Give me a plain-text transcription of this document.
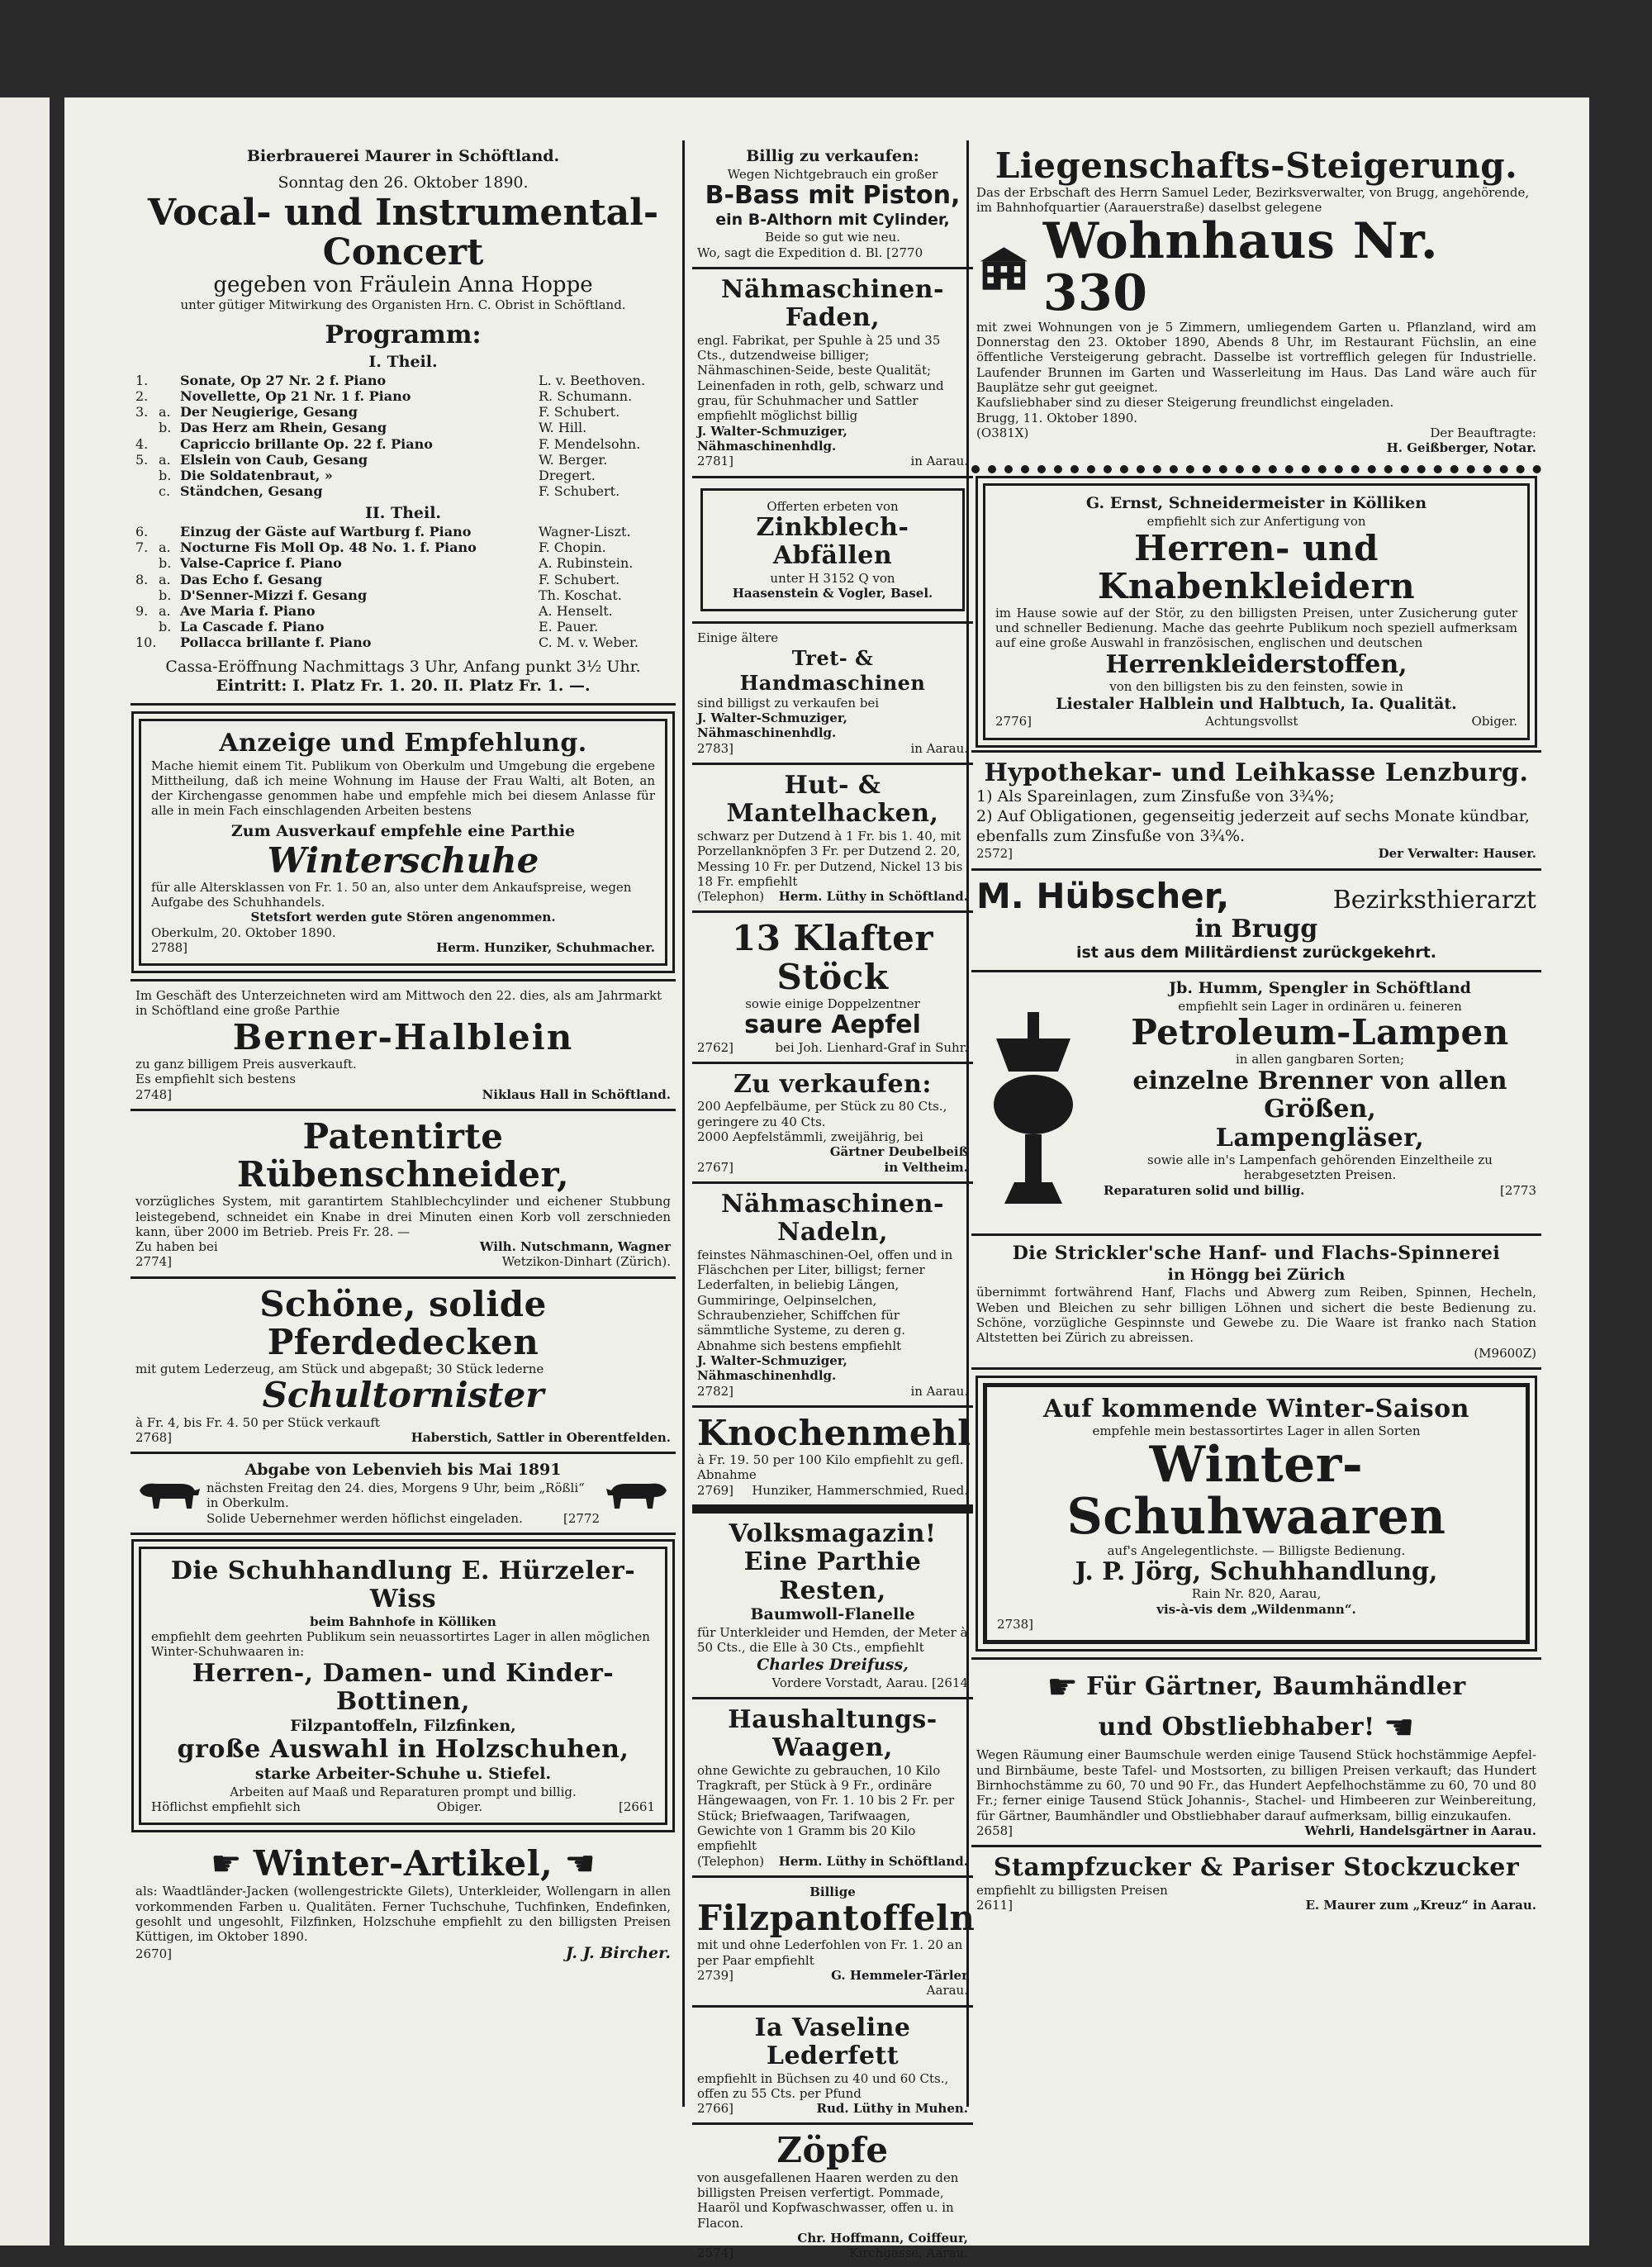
Bierbrauerei Maurer in Schöftland.
Sonntag den 26. Oktober 1890.
Vocal- und Instrumental-Concert
gegeben von Fräulein Anna Hoppe
unter gütiger Mitwirkung des Organisten Hrn. C. Obrist in Schöftland.
Programm:
I. Theil.
1.	Sonate, Op 27 Nr. 2 f. Piano	L. v. Beethoven.
2.	Novellette, Op 21 Nr. 1 f. Piano	R. Schumann.
3. a. Der Neugierige, Gesang	F. Schubert.
b. Das Herz am Rhein, Gesang	W. Hill.
4.	Capriccio brillante Op. 22 f. Piano	F. Mendelsohn.
5. a. Elslein von Caub, Gesang	W. Berger.
b. Die Soldatenbraut, »	Dregert.
c. Ständchen, Gesang	F. Schubert.
II. Theil.
6.	Einzug der Gäste auf Wartburg f. Piano	Wagner-Liszt.
7. a. Nocturne Fis Moll Op. 48 No. 1. f. Piano	F. Chopin.
b. Valse-Caprice f. Piano	A. Rubinstein.
8. a. Das Echo f. Gesang	F. Schubert.
b. D'Senner-Mizzi f. Gesang	Th. Koschat.
9. a. Ave Maria f. Piano	A. Henselt.
b. La Cascade f. Piano	E. Pauer.
10. Pollacca brillante f. Piano	C. M. v. Weber.
Cassa-Eröffnung Nachmittags 3 Uhr, Anfang punkt 3½ Uhr.
Eintritt: I. Platz Fr. 1. 20. II. Platz Fr. 1. —.
Anzeige und Empfehlung.
Mache hiemit einem Tit. Publikum von Oberkulm und Umgebung die ergebene Mittheilung, daß ich meine Wohnung im Hause der Frau Walti, alt Boten, an der Kirchengasse genommen habe und empfehle mich bei diesem Anlasse für alle in mein Fach einschlagenden Arbeiten bestens
Zum Ausverkauf empfehle eine Parthie
Winterschuhe
für alle Altersklassen von Fr. 1. 50 an, also unter dem Ankaufspreise, wegen Aufgabe des Schuhhandels.
Stetsfort werden gute Stören angenommen.
Oberkulm, 20. Oktober 1890.
2788]	Herm. Hunziker, Schuhmacher.
Im Geschäft des Unterzeichneten wird am Mittwoch den 22. dies, als am Jahrmarkt in Schöftland eine große Parthie
Berner-Halblein
zu ganz billigem Preis ausverkauft.
Es empfiehlt sich bestens
2748]	Niklaus Hall in Schöftland.
Patentirte Rübenschneider,
vorzügliches System, mit garantirtem Stahlblechcylinder und eichener Stubbung leistegebend, schneidet ein Knabe in drei Minuten einen Korb voll zerschnieden kann, über 2000 im Betrieb. Preis Fr. 28. —
Zu haben bei	Wilh. Nutschmann, Wagner
2774]	Wetzikon-Dinhart (Zürich).
Schöne, solide Pferdedecken
mit gutem Lederzeug, am Stück und abgepaßt; 30 Stück lederne
Schultornister
à Fr. 4, bis Fr. 4. 50 per Stück verkauft
2768]	Haberstich, Sattler in Oberentfelden.
Abgabe von Lebenvieh bis Mai 1891
nächsten Freitag den 24. dies, Morgens 9 Uhr, beim „Rößli“ in Oberkulm.
Solide Uebernehmer werden höflichst eingeladen.	[2772
Die Schuhhandlung E. Hürzeler-Wiss
beim Bahnhofe in Kölliken
empfiehlt dem geehrten Publikum sein neuassortirtes Lager in allen möglichen Winter-Schuhwaaren in:
Herren-, Damen- und Kinder-Bottinen,
Filzpantoffeln, Filzfinken,
große Auswahl in Holzschuhen,
starke Arbeiter-Schuhe u. Stiefel.
Arbeiten auf Maaß und Reparaturen prompt und billig.
Höflichst empfiehlt sich	Obiger.	[2661
☛ Winter-Artikel, ☚
als: Waadtländer-Jacken (wollengestrickte Gilets), Unterkleider, Wollengarn in allen vorkommenden Farben u. Qualitäten. Ferner Tuchschuhe, Tuchfinken, Endefinken, gesohlt und ungesohlt, Filzfinken, Holzschuhe empfiehlt zu den billigsten Preisen Küttigen, im Oktober 1890.
2670]	J. J. Bircher.
Billig zu verkaufen:
Wegen Nichtgebrauch ein großer
B-Bass mit Piston,
ein B-Althorn mit Cylinder,
Beide so gut wie neu.
Wo, sagt die Expedition d. Bl. [2770
Nähmaschinen-Faden,
engl. Fabrikat, per Spuhle à 25 und 35 Cts., dutzendweise billiger; Nähmaschinen-Seide, beste Qualität; Leinenfaden in roth, gelb, schwarz und grau, für Schuhmacher und Sattler empfiehlt möglichst billig
J. Walter-Schmuziger, Nähmaschinenhdlg.
2781]	in Aarau.
Offerten erbeten von
Zinkblech-Abfällen
unter H 3152 Q von
Haasenstein & Vogler, Basel.
Einige ältere
Tret- & Handmaschinen
sind billigst zu verkaufen bei
J. Walter-Schmuziger, Nähmaschinenhdlg.
2783]	in Aarau.
Hut- & Mantelhacken,
schwarz per Dutzend à 1 Fr. bis 1. 40, mit Porzellanknöpfen 3 Fr. per Dutzend 2. 20, Messing 10 Fr. per Dutzend, Nickel 13 bis 18 Fr. empfiehlt
(Telephon) Herm. Lüthy in Schöftland.
13 Klafter Stöck
sowie einige Doppelzentner
saure Aepfel
2762]	bei Joh. Lienhard-Graf in Suhr.
Zu verkaufen:
200 Aepfelbäume, per Stück zu 80 Cts., geringere zu 40 Cts.
2000 Aepfelstämmli, zweijährig, bei
Gärtner Deubelbeiß
2767]	in Veltheim.
Nähmaschinen-Nadeln,
feinstes Nähmaschinen-Oel, offen und in Fläschchen per Liter, billigst; ferner Lederfalten, in beliebig Längen, Gummiringe, Oelpinselchen, Schraubenzieher, Schiffchen für sämmtliche Systeme, zu deren g. Abnahme sich bestens empfiehlt
J. Walter-Schmuziger, Nähmaschinenhdlg.
2782]	in Aarau.
Knochenmehl
à Fr. 19. 50 per 100 Kilo empfiehlt zu gefl. Abnahme
2769] Hunziker, Hammerschmied, Rued.
Volksmagazin!
Eine Parthie Resten,
Baumwoll-Flanelle
für Unterkleider und Hemden, der Meter à 50 Cts., die Elle à 30 Cts., empfiehlt
Charles Dreifuss,
Vordere Vorstadt, Aarau. [2614
Haushaltungs-Waagen,
ohne Gewichte zu gebrauchen, 10 Kilo Tragkraft, per Stück à 9 Fr., ordinäre Hängewaagen, von Fr. 1. 10 bis 2 Fr. per Stück; Briefwaagen, Tarifwaagen, Gewichte von 1 Gramm bis 20 Kilo empfiehlt
(Telephon) Herm. Lüthy in Schöftland.
Billige
Filzpantoffeln
mit und ohne Lederfohlen von Fr. 1. 20 an per Paar empfiehlt
2739]	G. Hemmeler-Tärler
Aarau.
Ia Vaseline Lederfett
empfiehlt in Büchsen zu 40 und 60 Cts., offen zu 55 Cts. per Pfund
2766]	Rud. Lüthy in Muhen.
Zöpfe
von ausgefallenen Haaren werden zu den billigsten Preisen verfertigt. Pommade, Haaröl und Kopfwaschwasser, offen u. in Flacon.
Chr. Hoffmann, Coiffeur,
2574]	Kirchgasse, Aarau.
Liegenschafts-Steigerung.
Das der Erbschaft des Herrn Samuel Leder, Bezirksverwalter, von Brugg, angehörende, im Bahnhofquartier (Aarauerstraße) daselbst gelegene
Wohnhaus Nr. 330
mit zwei Wohnungen von je 5 Zimmern, umliegendem Garten u. Pflanzland, wird am Donnerstag den 23. Oktober 1890, Abends 8 Uhr, im Restaurant Füchslin, an eine öffentliche Versteigerung gebracht. Dasselbe ist vortrefflich gelegen für Industrielle. Laufender Brunnen im Garten und Wasserleitung im Haus. Das Land wäre auch für Bauplätze sehr gut geeignet.
Kaufsliebhaber sind zu dieser Steigerung freundlichst eingeladen.
Brugg, 11. Oktober 1890.
(O381X)	Der Beauftragte:
H. Geißberger, Notar.
G. Ernst, Schneidermeister in Kölliken
empfiehlt sich zur Anfertigung von
Herren- und Knabenkleidern
im Hause sowie auf der Stör, zu den billigsten Preisen, unter Zusicherung guter und schneller Bedienung. Mache das geehrte Publikum noch speziell aufmerksam auf eine große Auswahl in französischen, englischen und deutschen
Herrenkleiderstoffen,
von den billigsten bis zu den feinsten, sowie in
Liestaler Halblein und Halbtuch, Ia. Qualität.
2776]	Achtungsvollst	Obiger.
Hypothekar- und Leihkasse Lenzburg.
1) Als Spareinlagen, zum Zinsfuße von 3¾%;
2) Auf Obligationen, gegenseitig jederzeit auf sechs Monate kündbar, ebenfalls zum Zinsfuße von 3¾%.
2572]	Der Verwalter: Hauser.
M. Hübscher,	Bezirksthierarzt
in Brugg
ist aus dem Militärdienst zurückgekehrt.
Jb. Humm, Spengler in Schöftland
empfiehlt sein Lager in ordinären u. feineren
Petroleum-Lampen
in allen gangbaren Sorten;
einzelne Brenner von allen Größen,
Lampengläser,
sowie alle in's Lampenfach gehörenden Einzeltheile zu herabgesetzten Preisen.
Reparaturen solid und billig.	[2773
Die Strickler'sche Hanf- und Flachs-Spinnerei
in Höngg bei Zürich
übernimmt fortwährend Hanf, Flachs und Abwerg zum Reiben, Spinnen, Hecheln, Weben und Bleichen zu sehr billigen Löhnen und sichert die beste Bedienung zu. Schöne, vorzügliche Gespinnste und Gewebe zu. Die Waare ist franko nach Station Altstetten bei Zürich zu abreissen.
(M9600Z)
Auf kommende Winter-Saison
empfehle mein bestassortirtes Lager in allen Sorten
Winter-Schuhwaaren
auf's Angelegentlichste. — Billigste Bedienung.
J. P. Jörg, Schuhhandlung,
Rain Nr. 820, Aarau,
vis-à-vis dem „Wildenmann“.
2738]
☛ Für Gärtner, Baumhändler
und Obstliebhaber! ☚
Wegen Räumung einer Baumschule werden einige Tausend Stück hochstämmige Aepfel- und Birnbäume, beste Tafel- und Mostsorten, zu billigen Preisen verkauft; das Hundert Birnhochstämme zu 60, 70 und 90 Fr., das Hundert Aepfelhochstämme zu 60, 70 und 80 Fr.; ferner einige Tausend Stück Johannis-, Stachel- und Himbeeren zur Weinbereitung, für Gärtner, Baumhändler und Obstliebhaber darauf aufmerksam, billig einzukaufen.
2658]	Wehrli, Handelsgärtner in Aarau.
Stampfzucker & Pariser Stockzucker
empfiehlt zu billigsten Preisen
2611]	E. Maurer zum „Kreuz“ in Aarau.
